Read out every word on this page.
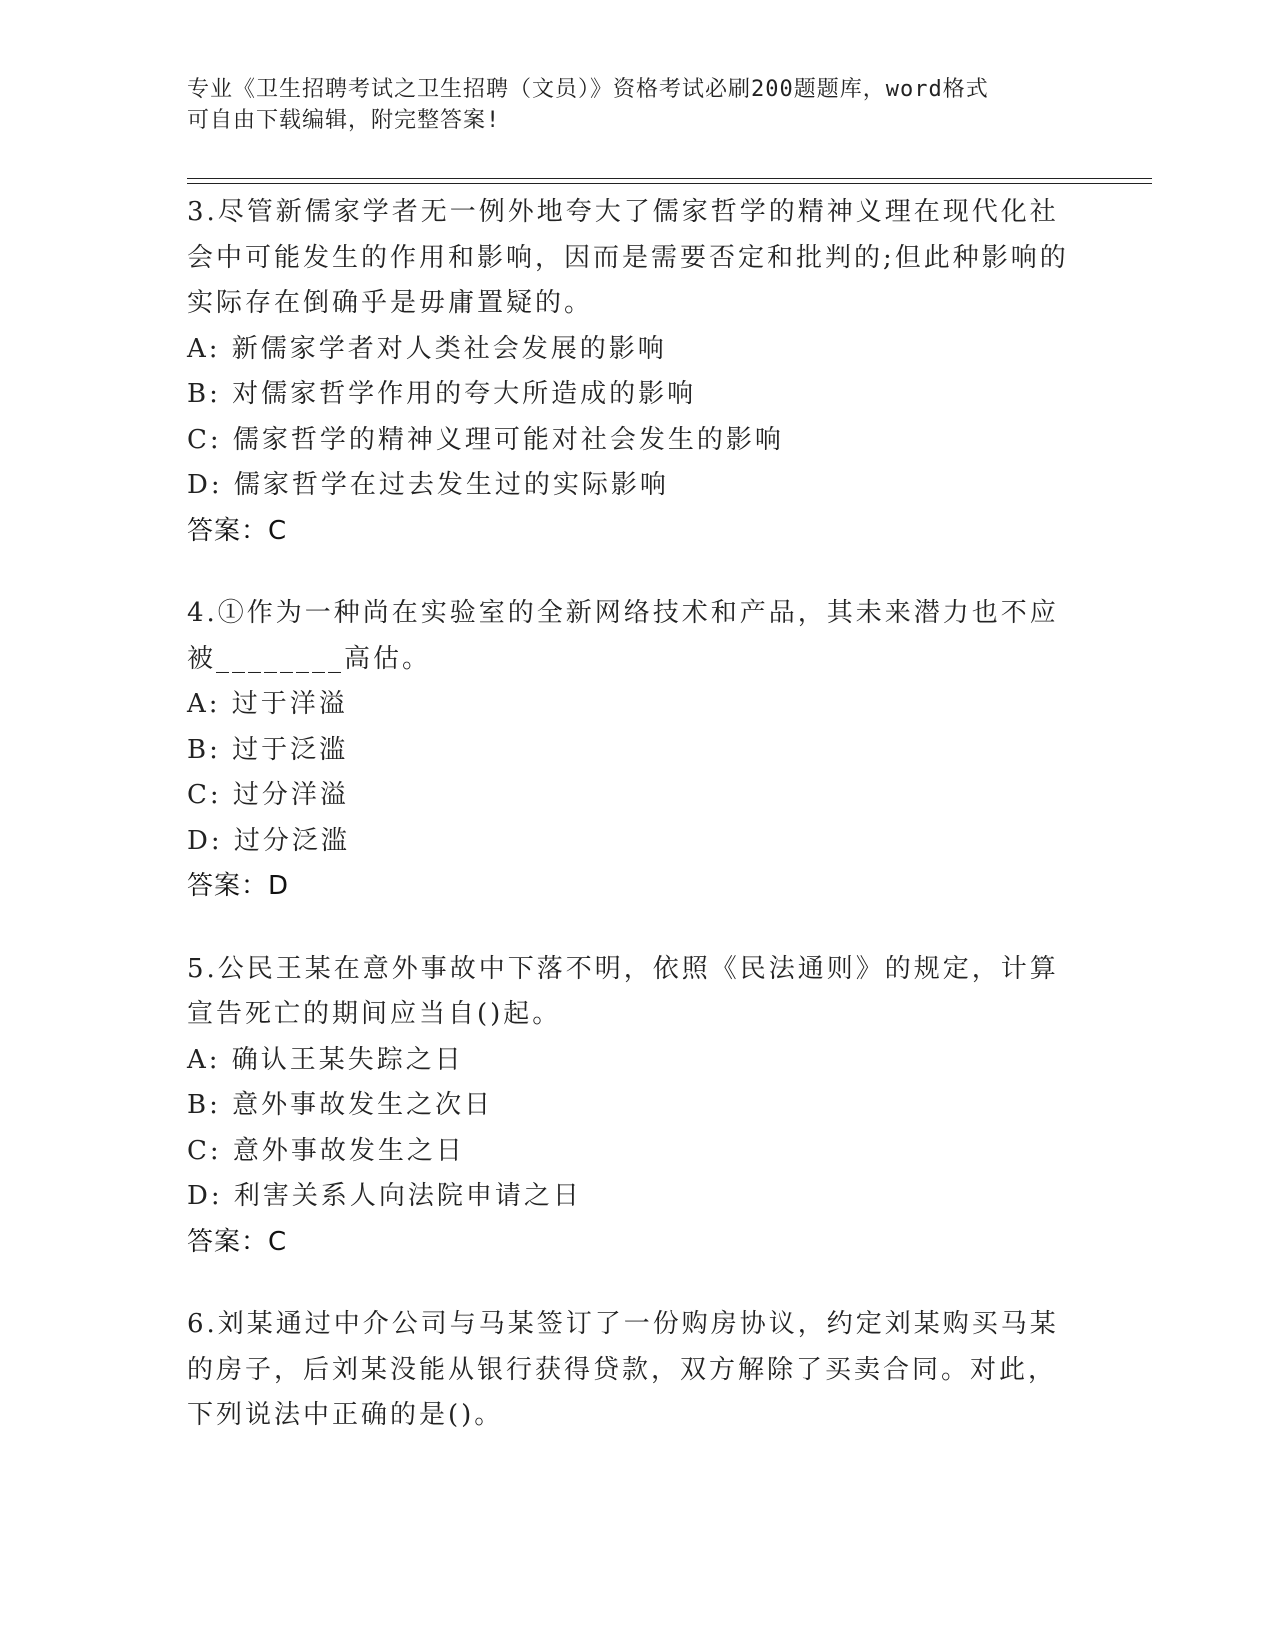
专业《卫生招聘考试之卫生招聘（文员）》资格考试必刷200题题库，word格式
可自由下载编辑，附完整答案!
3.尽管新儒家学者无一例外地夸大了儒家哲学的精神义理在现代化社
会中可能发生的作用和影响，因而是需要否定和批判的;但此种影响的
实际存在倒确乎是毋庸置疑的。
A: 新儒家学者对人类社会发展的影响
B: 对儒家哲学作用的夸大所造成的影响
C: 儒家哲学的精神义理可能对社会发生的影响
D: 儒家哲学在过去发生过的实际影响
答案：C
4.①作为一种尚在实验室的全新网络技术和产品，其未来潜力也不应
被________高估。
A: 过于洋溢
B: 过于泛滥
C: 过分洋溢
D: 过分泛滥
答案：D
5.公民王某在意外事故中下落不明，依照《民法通则》的规定，计算
宣告死亡的期间应当自()起。
A: 确认王某失踪之日
B: 意外事故发生之次日
C: 意外事故发生之日
D: 利害关系人向法院申请之日
答案：C
6.刘某通过中介公司与马某签订了一份购房协议，约定刘某购买马某
的房子，后刘某没能从银行获得贷款，双方解除了买卖合同。对此，
下列说法中正确的是()。
